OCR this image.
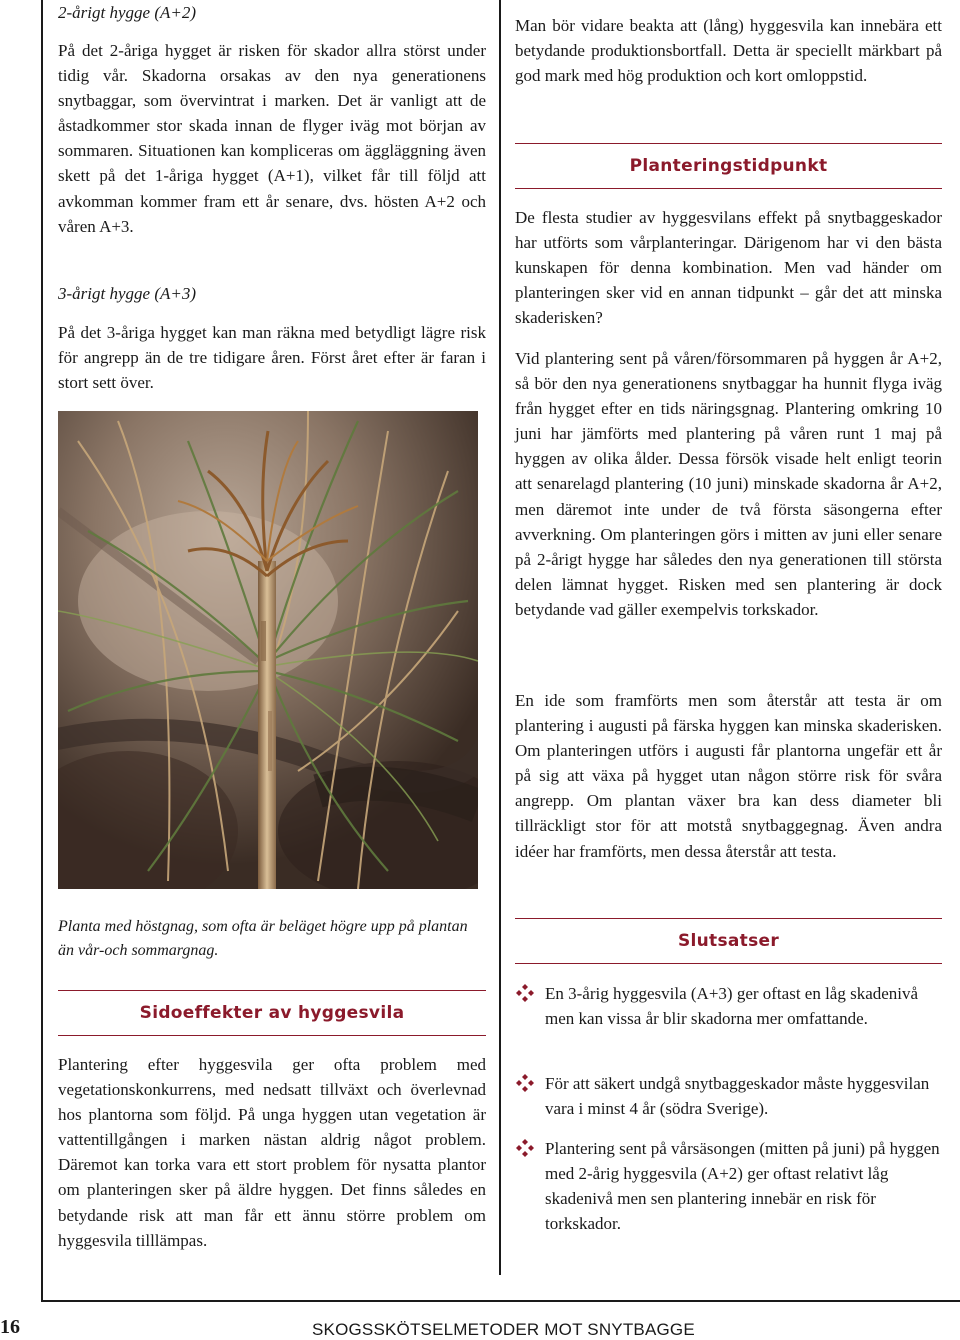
2-årigt hygge (A+2)

På det 2-åriga hygget är risken för skador allra störst under tidig vår. Skadorna orsakas av den nya generationens snytbaggar, som övervintrat i marken. Det är vanligt att de åstadkommer stor skada innan de flyger iväg mot början av sommaren. Situationen kan kompliceras om äggläggning även skett på det 1-åriga hygget (A+1), vilket får till följd att avkomman kommer fram ett år senare, dvs. hösten A+2 och våren A+3.

3-årigt hygge (A+3)

På det 3-åriga hygget kan man räkna med betydligt lägre risk för angrepp än de tre tidigare åren. Först året efter är faran i stort sett över.

Planta med höstgnag, som ofta är beläget högre upp på plantan än vår-och sommargnag.
Sidoeffekter av hyggesvila

Plantering efter hyggesvila ger ofta problem med vegetationskonkurrens, med nedsatt tillväxt och överlevnad hos plantorna som följd. På unga hyggen utan vegetation är vattentillgången i marken nästan aldrig något problem. Däremot kan torka vara ett stort problem för nysatta plantor om planteringen sker på äldre hyggen. Det finns således en betydande risk att man får ett ännu större problem om hyggesvila tilllämpas.

Man bör vidare beakta att (lång) hyggesvila kan innebära ett betydande produktionsbortfall. Detta är speciellt märkbart på god mark med hög produktion och kort omloppstid.

Planteringstidpunkt

De flesta studier av hyggesvilans effekt på snytbaggeskador har utförts som vårplanteringar. Därigenom har vi den bästa kunskapen för denna kombination. Men vad händer om planteringen sker vid en annan tidpunkt – går det att minska skaderisken?

Vid plantering sent på våren/försommaren på hyggen år A+2, så bör den nya generationens snytbaggar ha hunnit flyga iväg från hygget efter en tids näringsgnag. Plantering omkring 10 juni har jämförts med plantering på våren runt 1 maj på hyggen av olika ålder. Dessa försök visade helt enligt teorin att senarelagd plantering (10 juni) minskade skadorna år A+2, men däremot inte under de två första säsongerna efter avverkning. Om planteringen görs i mitten av juni eller senare på 2-årigt hygge har således den nya generationen till största delen lämnat hygget. Risken med sen plantering är dock betydande vad gäller exempelvis torkskador.

En ide som framförts men som återstår att testa är om plantering i augusti på färska hyggen kan minska skaderisken. Om planteringen utförs i augusti får plantorna ungefär ett år på sig att växa på hygget utan någon större risk för svåra angrepp. Om plantan växer bra kan dess diameter bli tillräckligt stor för att motstå snytbaggegnag. Även andra idéer har framförts, men dessa återstår att testa.

Slutsatser

En 3-årig hyggesvila (A+3) ger oftast en låg skadenivå men kan vissa år blir skadorna mer omfattande.

För att säkert undgå snytbaggeskador måste hyggesvilan vara i minst 4 år (södra Sverige).

Plantering sent på vårsäsongen (mitten på juni) på hyggen med 2-årig hyggesvila (A+2) ger oftast relativt låg skadenivå men sen plantering innebär en risk för torkskador.

16	SKOGSSKÖTSELMETODER MOT SNYTBAGGE
